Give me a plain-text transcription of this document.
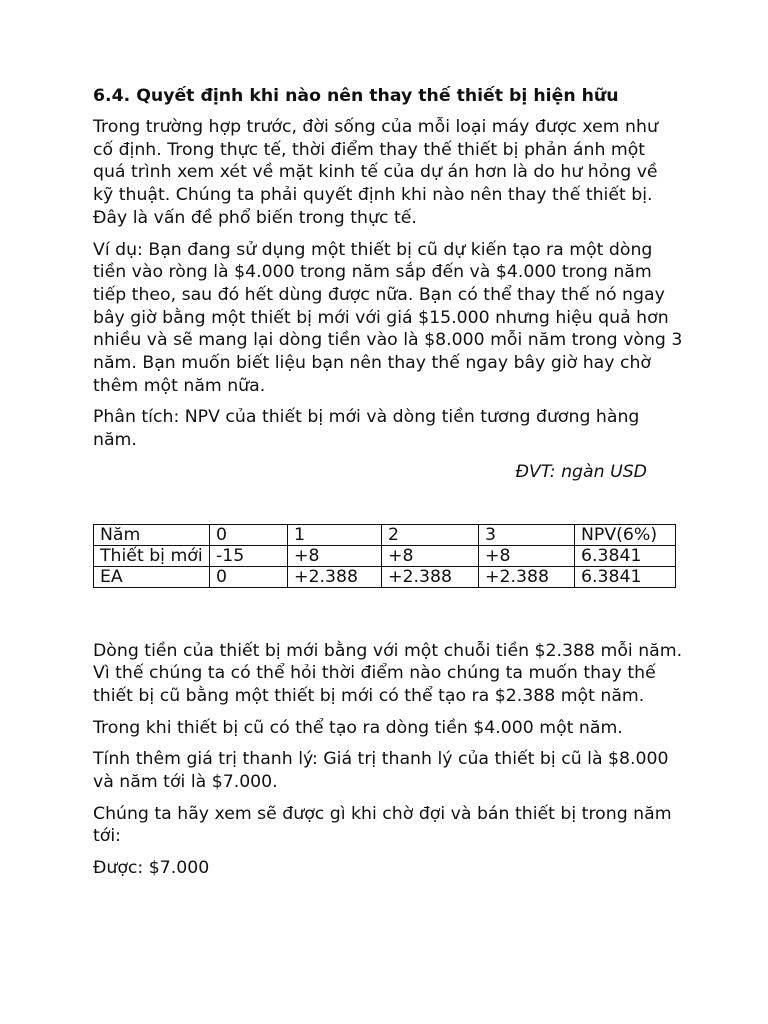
6.4. Quyết định khi nào nên thay thế thiết bị hiện hữu

Trong trường hợp trước, đời sống của mỗi loại máy được xem như cố định. Trong thực tế, thời điểm thay thế thiết bị phản ánh một quá trình xem xét về mặt kinh tế của dự án hơn là do hư hỏng về kỹ thuật. Chúng ta phải quyết định khi nào nên thay thế thiết bị. Đây là vấn đề phổ biến trong thực tế.

Ví dụ: Bạn đang sử dụng một thiết bị cũ dự kiến tạo ra một dòng tiền vào ròng là $4.000 trong năm sắp đến và $4.000 trong năm tiếp theo, sau đó hết dùng được nữa. Bạn có thể thay thế nó ngay bây giờ bằng một thiết bị mới với giá $15.000 nhưng hiệu quả hơn nhiều và sẽ mang lại dòng tiền vào là $8.000 mỗi năm trong vòng 3 năm. Bạn muốn biết liệu bạn nên thay thế ngay bây giờ hay chờ thêm một năm nữa.

Phân tích: NPV của thiết bị mới và dòng tiền tương đương hàng năm.

ĐVT: ngàn USD

Năm	0	1	2	3	NPV(6%)
Thiết bị mới	-15	+8	+8	+8	6.3841
EA	0	+2.388	+2.388	+2.388	6.3841

Dòng tiền của thiết bị mới bằng với một chuỗi tiền $2.388 mỗi năm. Vì thế chúng ta có thể hỏi thời điểm nào chúng ta muốn thay thế thiết bị cũ bằng một thiết bị mới có thể tạo ra $2.388 một năm.

Trong khi thiết bị cũ có thể tạo ra dòng tiền $4.000 một năm.

Tính thêm giá trị thanh lý: Giá trị thanh lý của thiết bị cũ là $8.000 và năm tới là $7.000.

Chúng ta hãy xem sẽ được gì khi chờ đợi và bán thiết bị trong năm tới:

Được: $7.000
